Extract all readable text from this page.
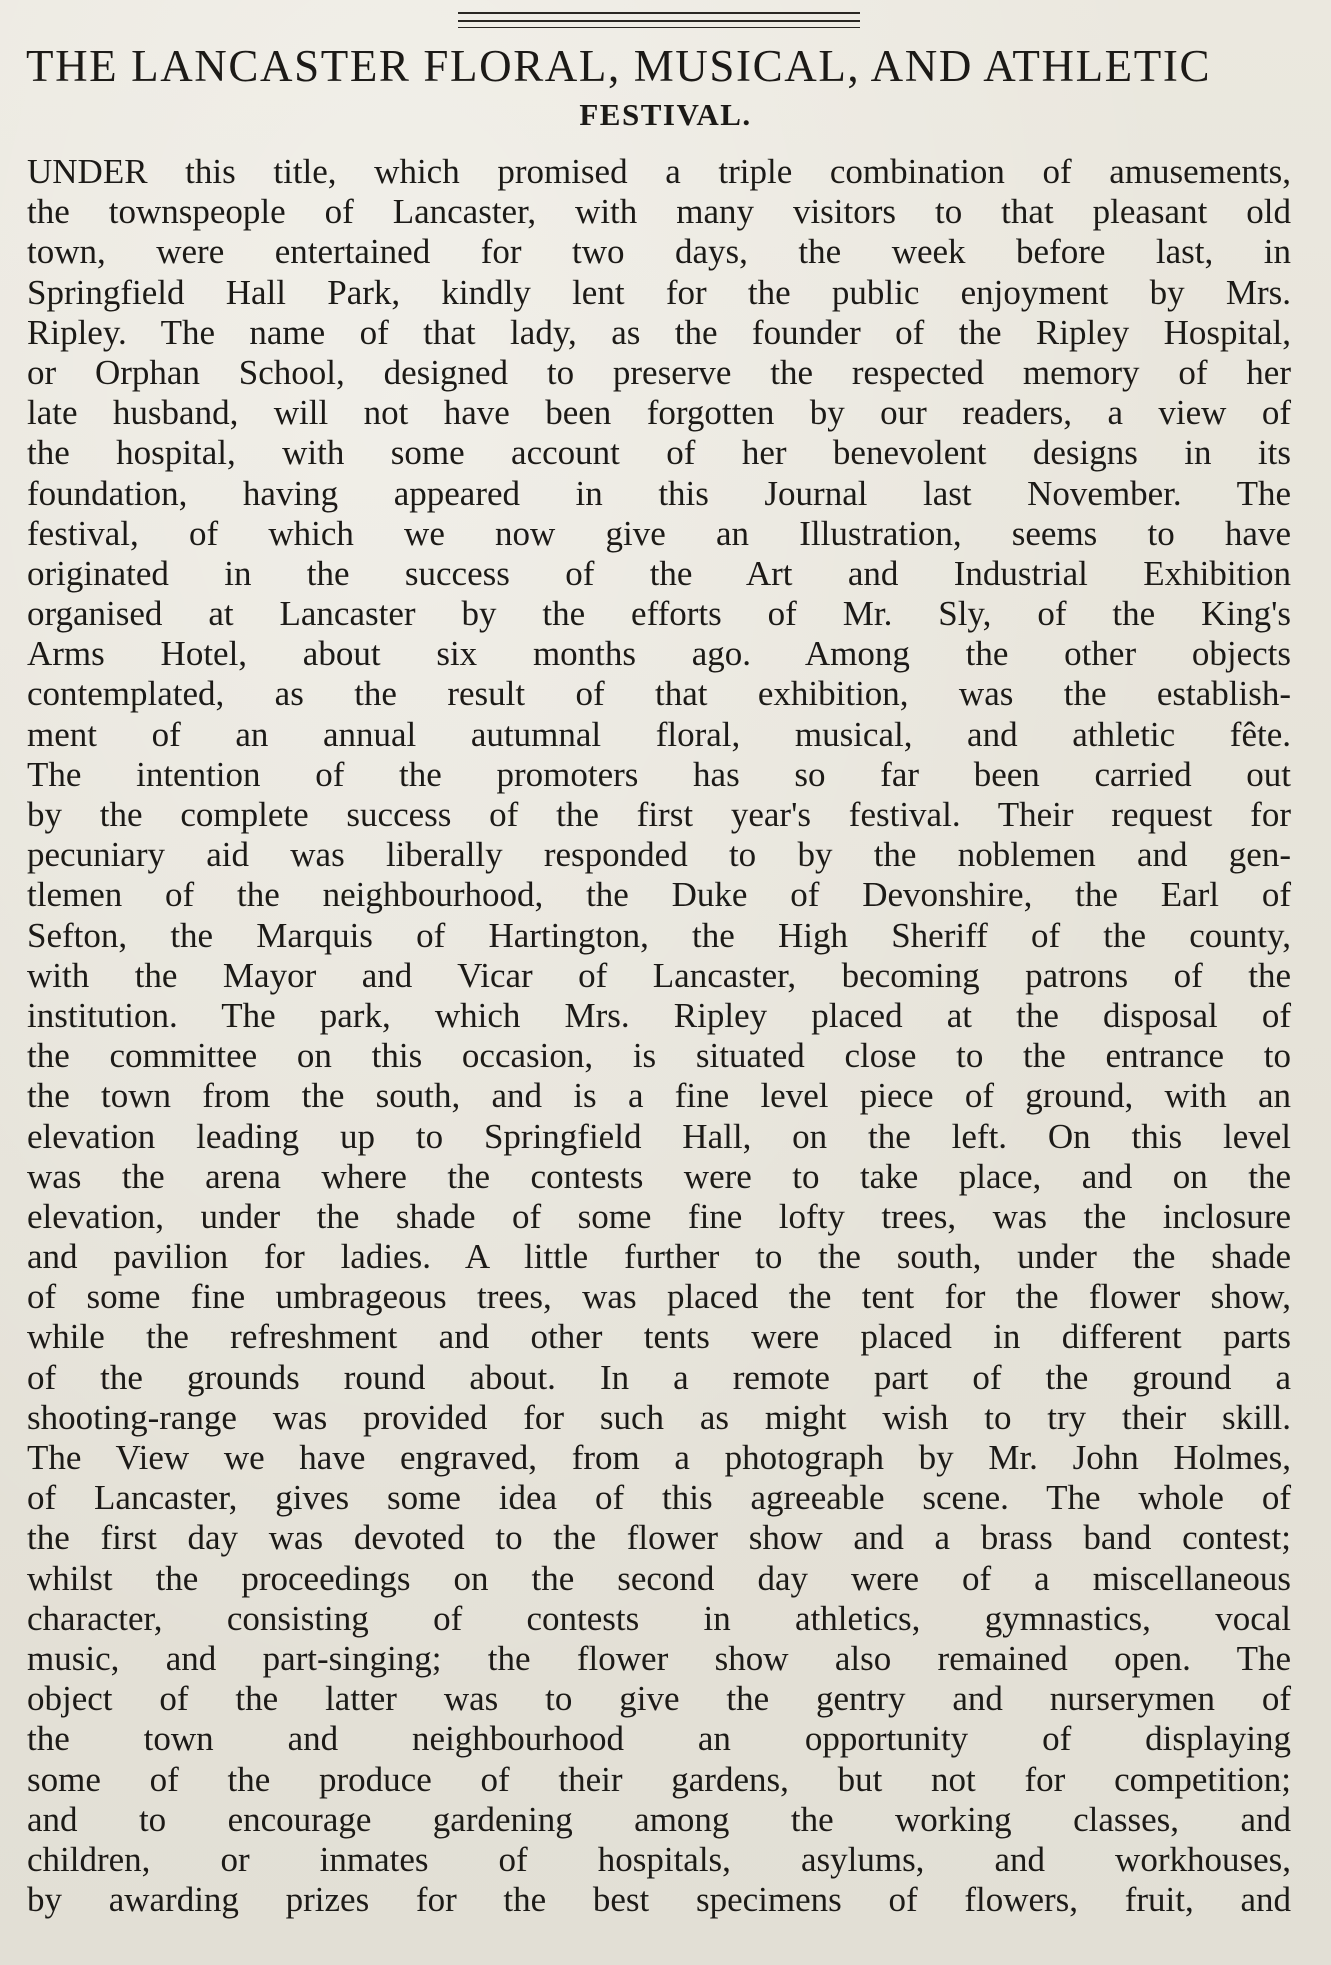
THE LANCASTER FLORAL, MUSICAL, AND ATHLETIC
FESTIVAL.
UNDER this title, which promised a triple combination of amusements,
the townspeople of Lancaster, with many visitors to that pleasant old
town, were entertained for two days, the week before last, in
Springfield Hall Park, kindly lent for the public enjoyment by Mrs.
Ripley. The name of that lady, as the founder of the Ripley Hospital,
or Orphan School, designed to preserve the respected memory of her
late husband, will not have been forgotten by our readers, a view of
the hospital, with some account of her benevolent designs in its
foundation, having appeared in this Journal last November. The
festival, of which we now give an Illustration, seems to have
originated in the success of the Art and Industrial Exhibition
organised at Lancaster by the efforts of Mr. Sly, of the King's
Arms Hotel, about six months ago. Among the other objects
contemplated, as the result of that exhibition, was the establish-
ment of an annual autumnal floral, musical, and athletic fête.
The intention of the promoters has so far been carried out
by the complete success of the first year's festival. Their request for
pecuniary aid was liberally responded to by the noblemen and gen-
tlemen of the neighbourhood, the Duke of Devonshire, the Earl of
Sefton, the Marquis of Hartington, the High Sheriff of the county,
with the Mayor and Vicar of Lancaster, becoming patrons of the
institution. The park, which Mrs. Ripley placed at the disposal of
the committee on this occasion, is situated close to the entrance to
the town from the south, and is a fine level piece of ground, with an
elevation leading up to Springfield Hall, on the left. On this level
was the arena where the contests were to take place, and on the
elevation, under the shade of some fine lofty trees, was the inclosure
and pavilion for ladies. A little further to the south, under the shade
of some fine umbrageous trees, was placed the tent for the flower show,
while the refreshment and other tents were placed in different parts
of the grounds round about. In a remote part of the ground a
shooting-range was provided for such as might wish to try their skill.
The View we have engraved, from a photograph by Mr. John Holmes,
of Lancaster, gives some idea of this agreeable scene. The whole of
the first day was devoted to the flower show and a brass band contest;
whilst the proceedings on the second day were of a miscellaneous
character, consisting of contests in athletics, gymnastics, vocal
music, and part-singing; the flower show also remained open. The
object of the latter was to give the gentry and nurserymen of
the town and neighbourhood an opportunity of displaying
some of the produce of their gardens, but not for competition;
and to encourage gardening among the working classes, and
children, or inmates of hospitals, asylums, and workhouses,
by awarding prizes for the best specimens of flowers, fruit, and
